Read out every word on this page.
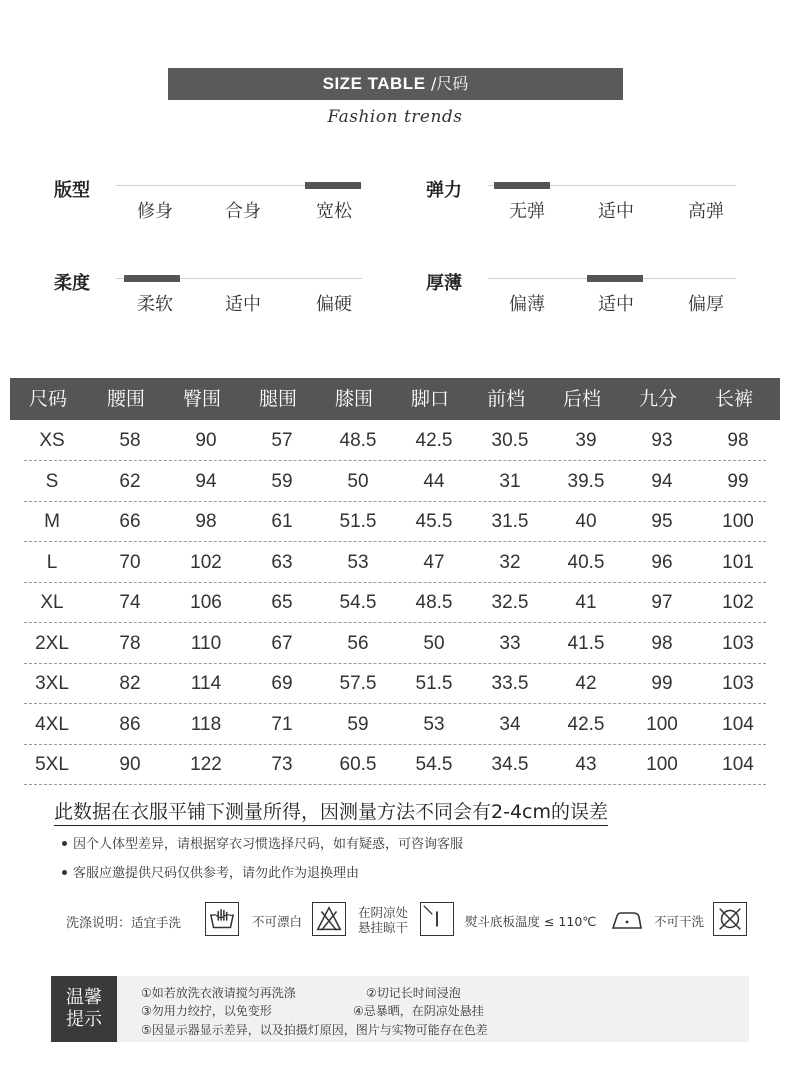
SIZE TABLE /尺码
Fashion trends
版型
修身	合身	宽松
弹力
无弹	适中	高弹
柔度
柔软	适中	偏硬
厚薄
偏薄	适中	偏厚
尺码	腰围	臀围	腿围	膝围	脚口	前档	后档	九分	长裤
XS	58	90	57	48.5	42.5	30.5	39	93	98
S	62	94	59	50	44	31	39.5	94	99
M	66	98	61	51.5	45.5	31.5	40	95	100
L	70	102	63	53	47	32	40.5	96	101
XL	74	106	65	54.5	48.5	32.5	41	97	102
2XL	78	110	67	56	50	33	41.5	98	103
3XL	82	114	69	57.5	51.5	33.5	42	99	103
4XL	86	118	71	59	53	34	42.5	100	104
5XL	90	122	73	60.5	54.5	34.5	43	100	104
此数据在衣服平铺下测量所得，因测量方法不同会有2-4cm的误差
因个人体型差异，请根据穿衣习惯选择尺码，如有疑惑，可咨询客服
客服应邀提供尺码仅供参考，请勿此作为退换理由
洗涤说明：适宜手洗	不可漂白
在阴凉处
悬挂晾干	熨斗底板温度 ≤ 110℃	不可干洗
温馨
提示
①如若放洗衣液请搅匀再洗涤	②切记长时间浸泡
③勿用力绞拧，以免变形	④忌暴晒，在阴凉处悬挂
⑤因显示器显示差异，以及拍摄灯原因，图片与实物可能存在色差
